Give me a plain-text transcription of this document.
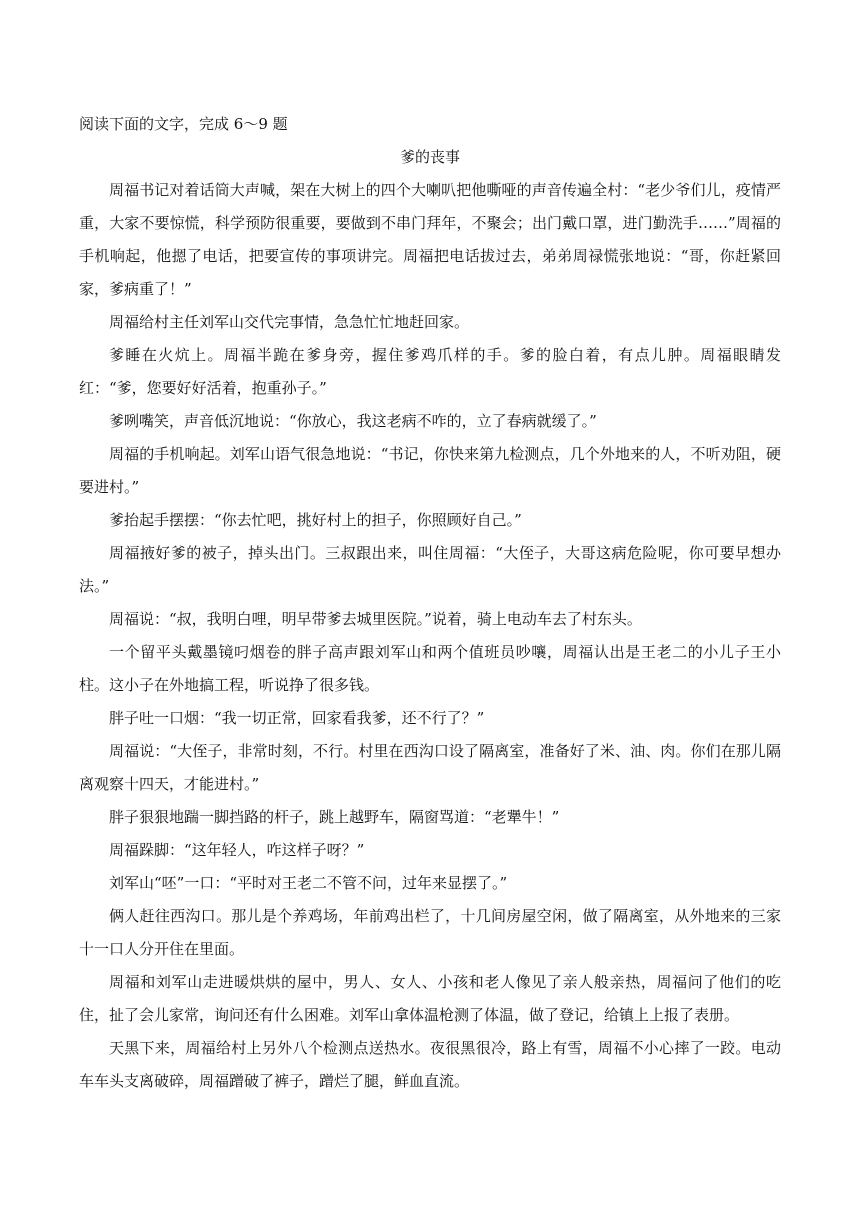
阅读下面的文字，完成 6～9 题

爹的丧事

周福书记对着话筒大声喊，架在大树上的四个大喇叭把他嘶哑的声音传遍全村：“老少爷们儿，疫情严重，大家不要惊慌，科学预防很重要，要做到不串门拜年，不聚会；出门戴口罩，进门勤洗手……”周福的手机响起，他摁了电话，把要宣传的事项讲完。周福把电话拔过去，弟弟周禄慌张地说：“哥，你赶紧回家，爹病重了！”

周福给村主任刘军山交代完事情，急急忙忙地赶回家。

爹睡在火炕上。周福半跪在爹身旁，握住爹鸡爪样的手。爹的脸白着，有点儿肿。周福眼睛发红：“爹，您要好好活着，抱重孙子。”

爹咧嘴笑，声音低沉地说：“你放心，我这老病不咋的，立了春病就缓了。”

周福的手机响起。刘军山语气很急地说：“书记，你快来第九检测点，几个外地来的人，不听劝阻，硬要进村。”

爹抬起手摆摆：“你去忙吧，挑好村上的担子，你照顾好自己。”

周福掖好爹的被子，掉头出门。三叔跟出来，叫住周福：“大侄子，大哥这病危险呢，你可要早想办法。”

周福说：“叔，我明白哩，明早带爹去城里医院。”说着，骑上电动车去了村东头。

一个留平头戴墨镜叼烟卷的胖子高声跟刘军山和两个值班员吵嚷，周福认出是王老二的小儿子王小柱。这小子在外地搞工程，听说挣了很多钱。

胖子吐一口烟：“我一切正常，回家看我爹，还不行了？”

周福说：“大侄子，非常时刻，不行。村里在西沟口设了隔离室，准备好了米、油、肉。你们在那儿隔离观察十四天，才能进村。”

胖子狠狠地踹一脚挡路的杆子，跳上越野车，隔窗骂道：“老犟牛！”

周福跺脚：“这年轻人，咋这样子呀？”

刘军山“呸”一口：“平时对王老二不管不问，过年来显摆了。”

俩人赶往西沟口。那儿是个养鸡场，年前鸡出栏了，十几间房屋空闲，做了隔离室，从外地来的三家十一口人分开住在里面。

周福和刘军山走进暖烘烘的屋中，男人、女人、小孩和老人像见了亲人般亲热，周福问了他们的吃住，扯了会儿家常，询问还有什么困难。刘军山拿体温枪测了体温，做了登记，给镇上上报了表册。

天黑下来，周福给村上另外八个检测点送热水。夜很黑很冷，路上有雪，周福不小心摔了一跤。电动车车头支离破碎，周福蹭破了裤子，蹭烂了腿，鲜血直流。
